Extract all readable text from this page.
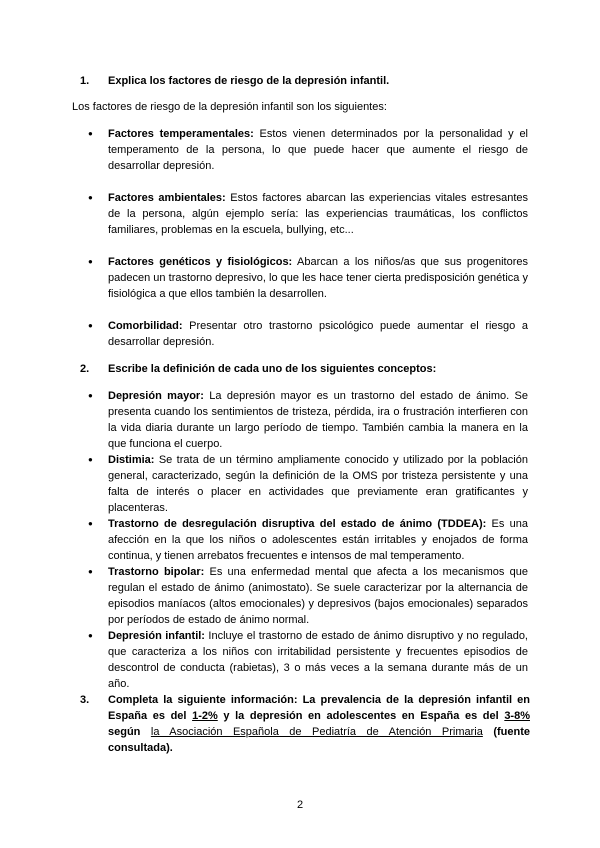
1. Explica los factores de riesgo de la depresión infantil.
Los factores de riesgo de la depresión infantil son los siguientes:
● Factores temperamentales: Estos vienen determinados por la personalidad y el temperamento de la persona, lo que puede hacer que aumente el riesgo de desarrollar depresión.
● Factores ambientales: Estos factores abarcan las experiencias vitales estresantes de la persona, algún ejemplo sería: las experiencias traumáticas, los conflictos familiares, problemas en la escuela, bullying, etc...
● Factores genéticos y fisiológicos: Abarcan a los niños/as que sus progenitores padecen un trastorno depresivo, lo que les hace tener cierta predisposición genética y fisiológica a que ellos también la desarrollen.
● Comorbilidad: Presentar otro trastorno psicológico puede aumentar el riesgo a desarrollar depresión.
2. Escribe la definición de cada uno de los siguientes conceptos:
● Depresión mayor: La depresión mayor es un trastorno del estado de ánimo. Se presenta cuando los sentimientos de tristeza, pérdida, ira o frustración interfieren con la vida diaria durante un largo período de tiempo. También cambia la manera en la que funciona el cuerpo.
● Distimia: Se trata de un término ampliamente conocido y utilizado por la población general, caracterizado, según la definición de la OMS por tristeza persistente y una falta de interés o placer en actividades que previamente eran gratificantes y placenteras.
● Trastorno de desregulación disruptiva del estado de ánimo (TDDEA): Es una afección en la que los niños o adolescentes están irritables y enojados de forma continua, y tienen arrebatos frecuentes e intensos de mal temperamento.
● Trastorno bipolar: Es una enfermedad mental que afecta a los mecanismos que regulan el estado de ánimo (animostato). Se suele caracterizar por la alternancia de episodios maníacos (altos emocionales) y depresivos (bajos emocionales) separados por períodos de estado de ánimo normal.
● Depresión infantil: Incluye el trastorno de estado de ánimo disruptivo y no regulado, que caracteriza a los niños con irritabilidad persistente y frecuentes episodios de descontrol de conducta (rabietas), 3 o más veces a la semana durante más de un año.
3. Completa la siguiente información: La prevalencia de la depresión infantil en España es del 1-2% y la depresión en adolescentes en España es del 3-8% según la Asociación Española de Pediatría de Atención Primaria (fuente consultada).
2
